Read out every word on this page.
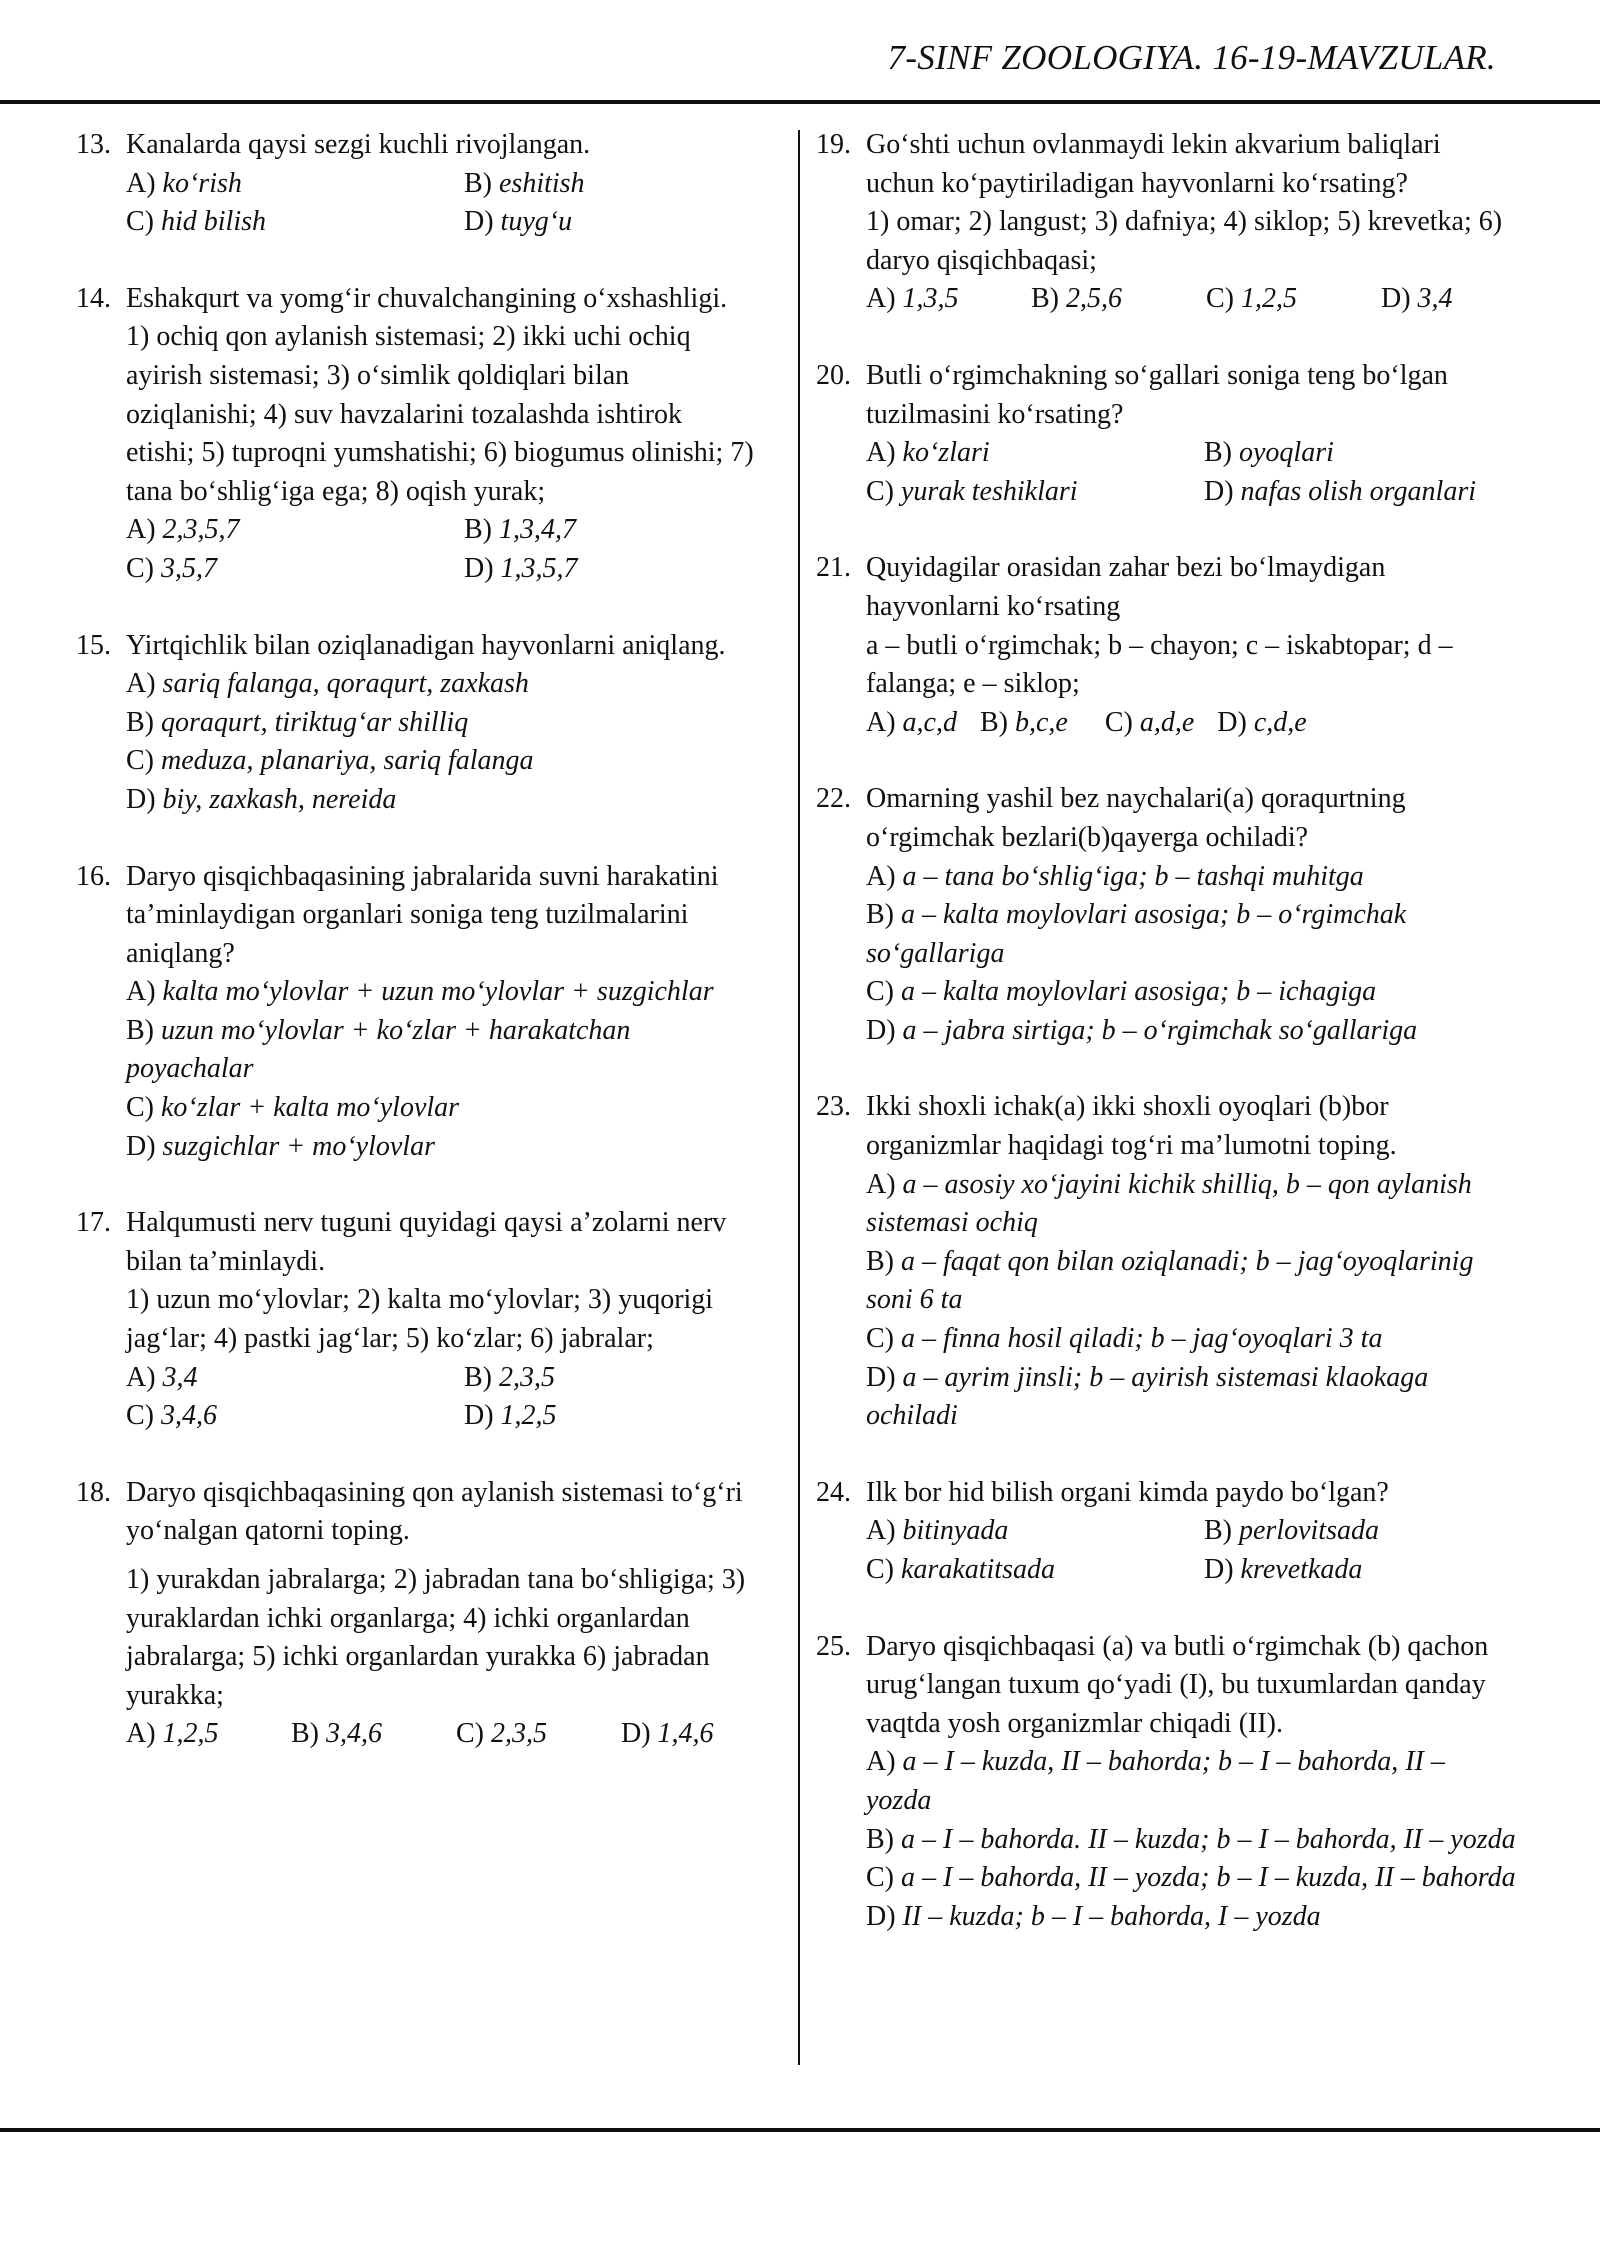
7-SINF ZOOLOGIYA. 16-19-MAVZULAR.
13. Kanalarda qaysi sezgi kuchli rivojlangan.
A) ko‘rish	B) eshitish
C) hid bilish	D) tuyg‘u
14. Eshakqurt va yomg‘ir chuvalchangining o‘xshashligi.
1) ochiq qon aylanish sistemasi; 2) ikki uchi ochiq ayirish sistemasi; 3) o‘simlik qoldiqlari bilan oziqlanishi; 4) suv havzalarini tozalashda ishtirok etishi; 5) tuproqni yumshatishi; 6) biogumus olinishi; 7) tana bo‘shlig‘iga ega; 8) oqish yurak;
A) 2,3,5,7	B) 1,3,4,7
C) 3,5,7	D) 1,3,5,7
15. Yirtqichlik bilan oziqlanadigan hayvonlarni aniqlang.
A) sariq falanga, qoraqurt, zaxkash
B) qoraqurt, tiriktug‘ar shilliq
C) meduza, planariya, sariq falanga
D) biy, zaxkash, nereida
16. Daryo qisqichbaqasining jabralarida suvni harakatini ta’minlaydigan organlari soniga teng tuzilmalarini aniqlang?
A) kalta mo‘ylovlar + uzun mo‘ylovlar + suzgichlar
B) uzun mo‘ylovlar + ko‘zlar + harakatchan poyachalar
C) ko‘zlar + kalta mo‘ylovlar
D) suzgichlar + mo‘ylovlar
17. Halqumusti nerv tuguni quyidagi qaysi a’zolarni nerv bilan ta’minlaydi.
1) uzun mo‘ylovlar; 2) kalta mo‘ylovlar; 3) yuqorigi jag‘lar; 4) pastki jag‘lar; 5) ko‘zlar; 6) jabralar;
A) 3,4	B) 2,3,5
C) 3,4,6	D) 1,2,5
18. Daryo qisqichbaqasining qon aylanish sistemasi to‘g‘ri yo‘nalgan qatorni toping.
1) yurakdan jabralarga; 2) jabradan tana bo‘shligiga; 3) yuraklardan ichki organlarga; 4) ichki organlardan jabralarga; 5) ichki organlardan yurakka 6) jabradan yurakka;
A) 1,2,5	B) 3,4,6	C) 2,3,5	D) 1,4,6
19. Go‘shti uchun ovlanmaydi lekin akvarium baliqlari uchun ko‘paytiriladigan hayvonlarni ko‘rsating?
1) omar; 2) langust; 3) dafniya; 4) siklop; 5) krevetka; 6) daryo qisqichbaqasi;
A) 1,3,5	B) 2,5,6	C) 1,2,5	D) 3,4
20. Butli o‘rgimchakning so‘gallari soniga teng bo‘lgan tuzilmasini ko‘rsating?
A) ko‘zlari	B) oyoqlari
C) yurak teshiklari	D) nafas olish organlari
21. Quyidagilar orasidan zahar bezi bo‘lmaydigan hayvonlarni ko‘rsating
a – butli o‘rgimchak; b – chayon; c – iskabtopar; d – falanga; e – siklop;
A) a,c,d B) b,c,e C) a,d,e D) c,d,e
22. Omarning yashil bez naychalari(a) qoraqurtning o‘rgimchak bezlari(b)qayerga ochiladi?
A) a – tana bo‘shlig‘iga; b – tashqi muhitga
B) a – kalta moylovlari asosiga; b – o‘rgimchak so‘gallariga
C) a – kalta moylovlari asosiga; b – ichagiga
D) a – jabra sirtiga; b – o‘rgimchak so‘gallariga
23. Ikki shoxli ichak(a) ikki shoxli oyoqlari (b)bor organizmlar haqidagi tog‘ri ma’lumotni toping.
A) a – asosiy xo‘jayini kichik shilliq, b – qon aylanish sistemasi ochiq
B) a – faqat qon bilan oziqlanadi; b – jag‘oyoqlarinig soni 6 ta
C) a – finna hosil qiladi; b – jag‘oyoqlari 3 ta
D) a – ayrim jinsli; b – ayirish sistemasi klaokaga ochiladi
24. Ilk bor hid bilish organi kimda paydo bo‘lgan?
A) bitinyada	B) perlovitsada
C) karakatitsada	D) krevetkada
25. Daryo qisqichbaqasi (a) va butli o‘rgimchak (b) qachon urug‘langan tuxum qo‘yadi (I), bu tuxumlardan qanday vaqtda yosh organizmlar chiqadi (II).
A) a – I – kuzda, II – bahorda; b – I – bahorda, II – yozda
B) a – I – bahorda. II – kuzda; b – I – bahorda, II – yozda
C) a – I – bahorda, II – yozda; b – I – kuzda, II – bahorda
D) II – kuzda; b – I – bahorda, I – yozda
